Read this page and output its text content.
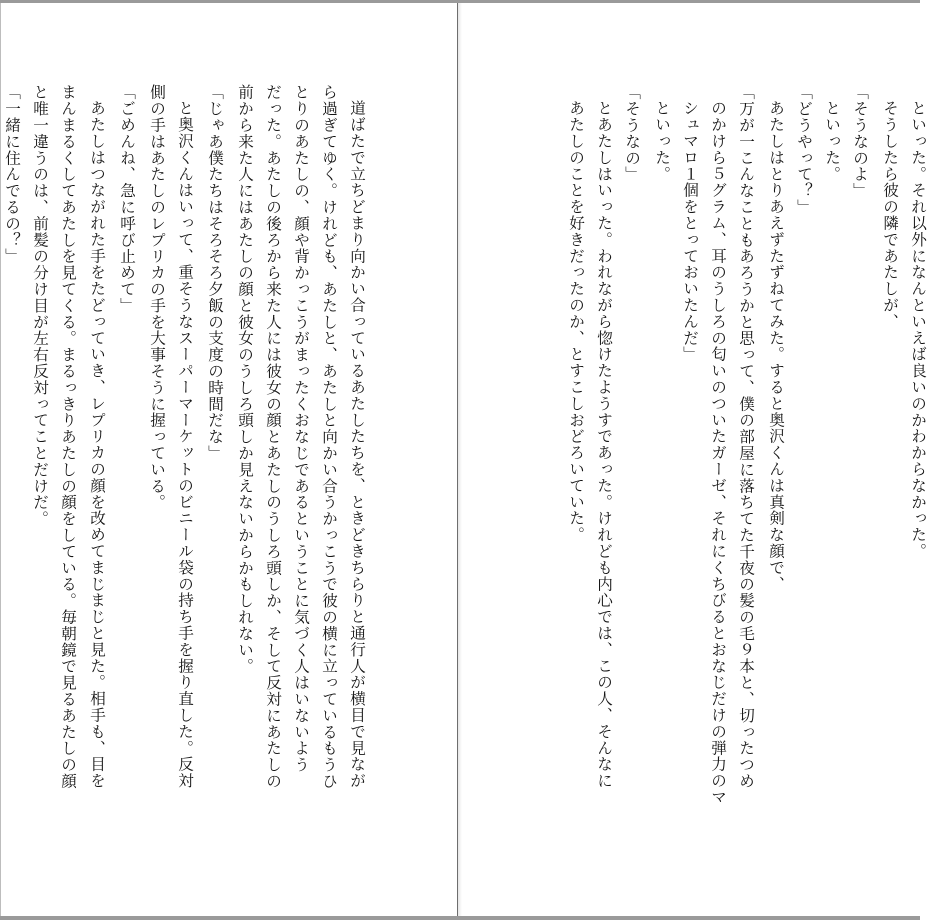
道ばたで立ちどまり向かい合っているあたしたちを、ときどきちらりと通行人が横目で見なが
ら過ぎてゆく。けれども、あたしと、あたしと向かい合うかっこうで彼の横に立っているもうひ
とりのあたしの、顔や背かっこうがまったくおなじであるということに気づく人はいないよう
だった。あたしの後ろから来た人には彼女の顔とあたしのうしろ頭しか、そして反対にあたしの
前から来た人にはあたしの顔と彼女のうしろ頭しか見えないからかもしれない。
「じゃあ僕たちはそろそろ夕飯の支度の時間だな」
と奥沢くんはいって、重そうなスーパーマーケットのビニール袋の持ち手を握り直した。反対
側の手はあたしのレプリカの手を大事そうに握っている。
「ごめんね、急に呼び止めて」
あたしはつながれた手をたどっていき、レプリカの顔を改めてまじまじと見た。相手も、目を
まんまるくしてあたしを見てくる。まるっきりあたしの顔をしている。毎朝鏡で見るあたしの顔
と唯一違うのは、前髪の分け目が左右反対ってことだけだ。
「一緒に住んでるの？」	といった。それ以外になんといえば良いのかわからなかった。
そうしたら彼の隣であたしが、
「そうなのよ」
といった。
「どうやって？」
あたしはとりあえずたずねてみた。すると奥沢くんは真剣な顔で、
「万が一こんなこともあろうかと思って、僕の部屋に落ちてた千夜の髪の毛９本と、切ったつめ
のかけら５グラム、耳のうしろの匂いのついたガーゼ、それにくちびるとおなじだけの弾力のマ
シュマロ１個をとっておいたんだ」
といった。
「そうなの」
とあたしはいった。われながら惚けたようすであった。けれども内心では、この人、そんなに
あたしのことを好きだったのか、とすこしおどろいていた。
